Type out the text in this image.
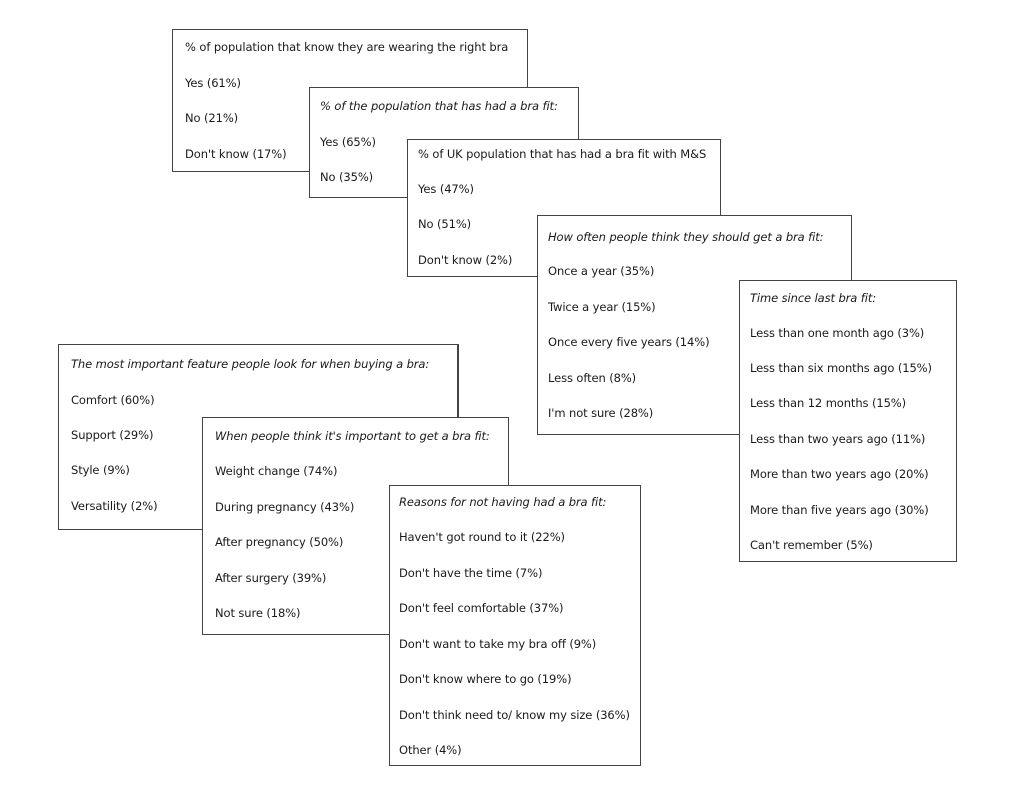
% of population that know they are wearing the right bra
Yes (61%)
No (21%)
Don't know (17%)
% of the population that has had a bra fit:
Yes (65%)
No (35%)
% of UK population that has had a bra fit with M&S
Yes (47%)
No (51%)
Don't know (2%)
How often people think they should get a bra fit:
Once a year (35%)
Twice a year (15%)
Once every five years (14%)
Less often (8%)
I'm not sure (28%)
Time since last bra fit:
Less than one month ago (3%)
Less than six months ago (15%)
Less than 12 months (15%)
Less than two years ago (11%)
More than two years ago (20%)
More than five years ago (30%)
Can't remember (5%)
The most important feature people look for when buying a bra:
Comfort (60%)
Support (29%)
Style (9%)
Versatility (2%)
When people think it's important to get a bra fit:
Weight change (74%)
During pregnancy (43%)
After pregnancy (50%)
After surgery (39%)
Not sure (18%)
Reasons for not having had a bra fit:
Haven't got round to it (22%)
Don't have the time (7%)
Don't feel comfortable (37%)
Don't want to take my bra off (9%)
Don't know where to go (19%)
Don't think need to/ know my size (36%)
Other (4%)
